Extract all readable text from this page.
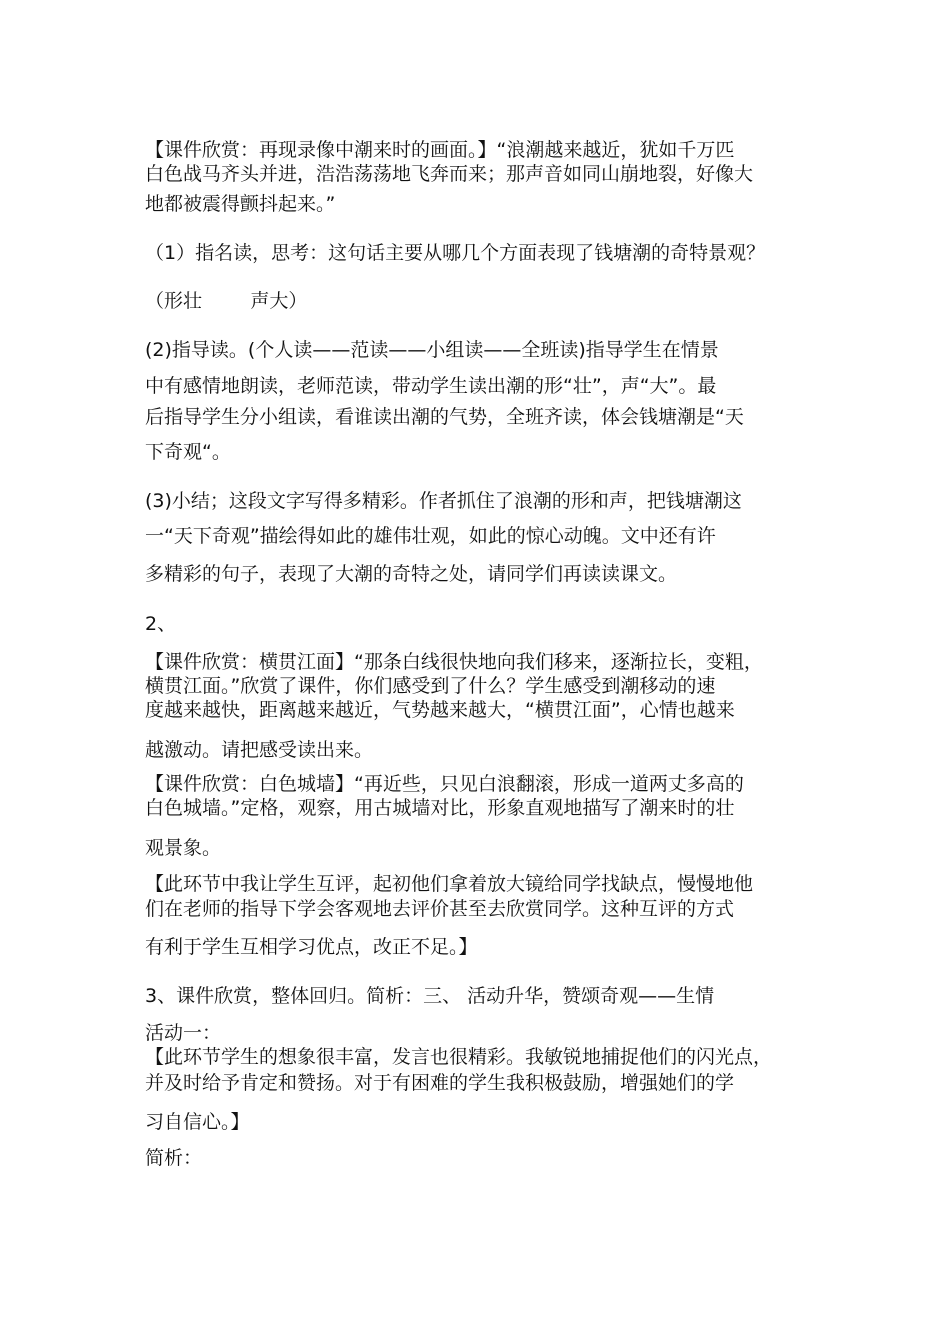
【课件欣赏：再现录像中潮来时的画面。】“浪潮越来越近，犹如千万匹
白色战马齐头并进，浩浩荡荡地飞奔而来；那声音如同山崩地裂，好像大
地都被震得颤抖起来。”
（1）指名读，思考：这句话主要从哪几个方面表现了钱塘潮的奇特景观？
（形壮        声大）
(2)指导读。(个人读——范读——小组读——全班读)指导学生在情景
中有感情地朗读，老师范读，带动学生读出潮的形“壮”，声“大”。最
后指导学生分小组读，看谁读出潮的气势，全班齐读，体会钱塘潮是“天
下奇观“。
(3)小结；这段文字写得多精彩。作者抓住了浪潮的形和声，把钱塘潮这
一“天下奇观”描绘得如此的雄伟壮观，如此的惊心动魄。文中还有许
多精彩的句子，表现了大潮的奇特之处，请同学们再读读课文。
2、
【课件欣赏：横贯江面】“那条白线很快地向我们移来，逐渐拉长，变粗，
横贯江面。”欣赏了课件，你们感受到了什么？学生感受到潮移动的速
度越来越快，距离越来越近，气势越来越大，“横贯江面”，心情也越来
越激动。请把感受读出来。
【课件欣赏：白色城墙】“再近些，只见白浪翻滚，形成一道两丈多高的
白色城墙。”定格，观察，用古城墙对比，形象直观地描写了潮来时的壮
观景象。
【此环节中我让学生互评，起初他们拿着放大镜给同学找缺点，慢慢地他
们在老师的指导下学会客观地去评价甚至去欣赏同学。这种互评的方式
有利于学生互相学习优点，改正不足。】
3、课件欣赏，整体回归。简析：三、 活动升华，赞颂奇观——生情
活动一：
【此环节学生的想象很丰富，发言也很精彩。我敏锐地捕捉他们的闪光点，
并及时给予肯定和赞扬。对于有困难的学生我积极鼓励，增强她们的学
习自信心。】
简析：
